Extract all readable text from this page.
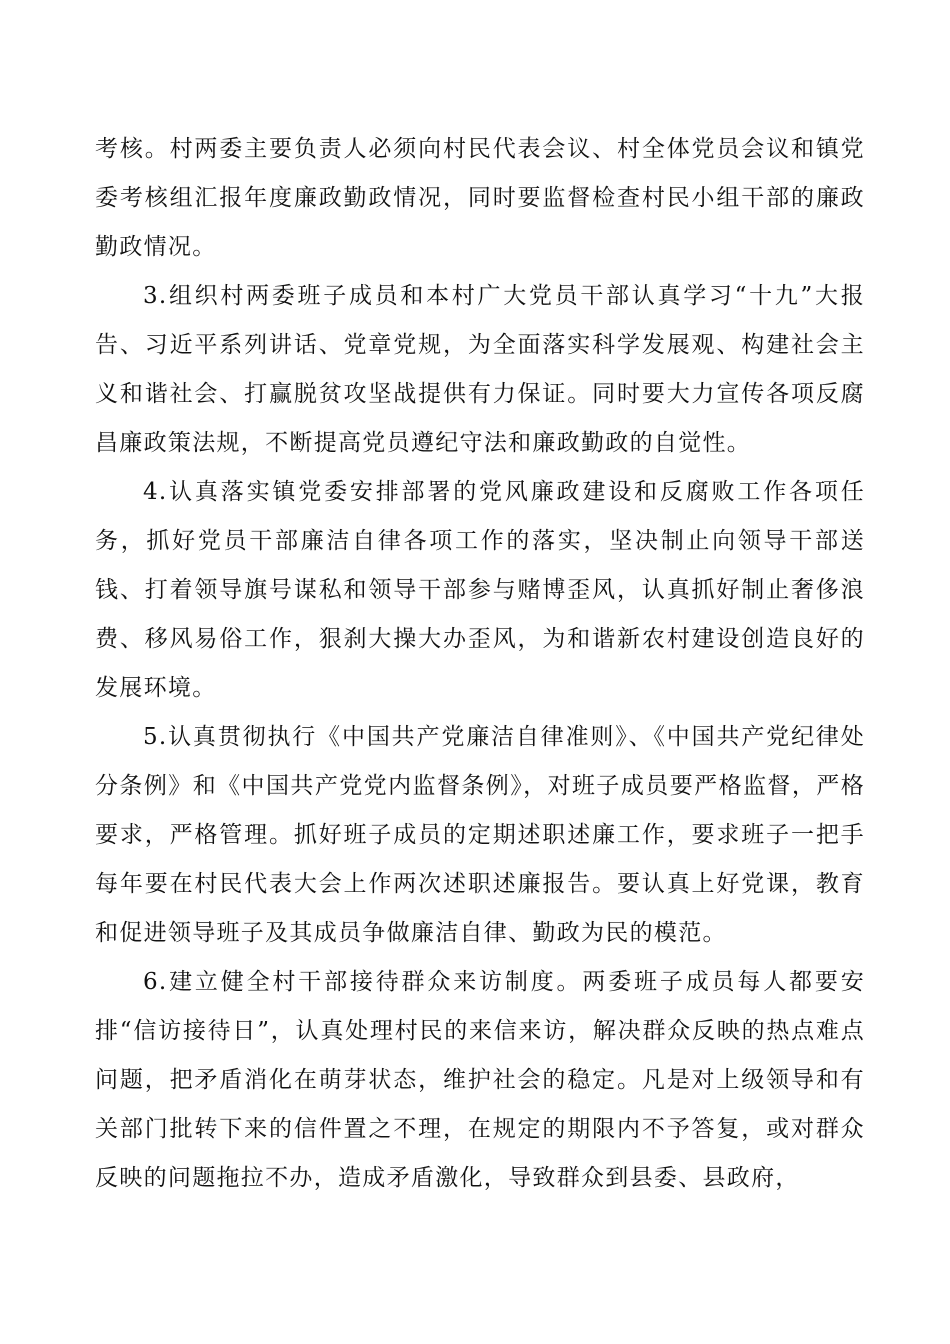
考核。村两委主要负责人必须向村民代表会议、村全体党员会议和镇党委考核组汇报年度廉政勤政情况，同时要监督检查村民小组干部的廉政勤政情况。

3.组织村两委班子成员和本村广大党员干部认真学习“十九”大报告、习近平系列讲话、党章党规，为全面落实科学发展观、构建社会主义和谐社会、打赢脱贫攻坚战提供有力保证。同时要大力宣传各项反腐昌廉政策法规，不断提高党员遵纪守法和廉政勤政的自觉性。

4.认真落实镇党委安排部署的党风廉政建设和反腐败工作各项任务，抓好党员干部廉洁自律各项工作的落实，坚决制止向领导干部送钱、打着领导旗号谋私和领导干部参与赌博歪风，认真抓好制止奢侈浪费、移风易俗工作，狠刹大操大办歪风，为和谐新农村建设创造良好的发展环境。

5.认真贯彻执行《中国共产党廉洁自律准则》、《中国共产党纪律处分条例》和《中国共产党党内监督条例》，对班子成员要严格监督，严格要求，严格管理。抓好班子成员的定期述职述廉工作，要求班子一把手每年要在村民代表大会上作两次述职述廉报告。要认真上好党课，教育和促进领导班子及其成员争做廉洁自律、勤政为民的模范。

6.建立健全村干部接待群众来访制度。两委班子成员每人都要安排“信访接待日”，认真处理村民的来信来访，解决群众反映的热点难点问题，把矛盾消化在萌芽状态，维护社会的稳定。凡是对上级领导和有关部门批转下来的信件置之不理，在规定的期限内不予答复，或对群众反映的问题拖拉不办，造成矛盾激化，导致群众到县委、县政府，
